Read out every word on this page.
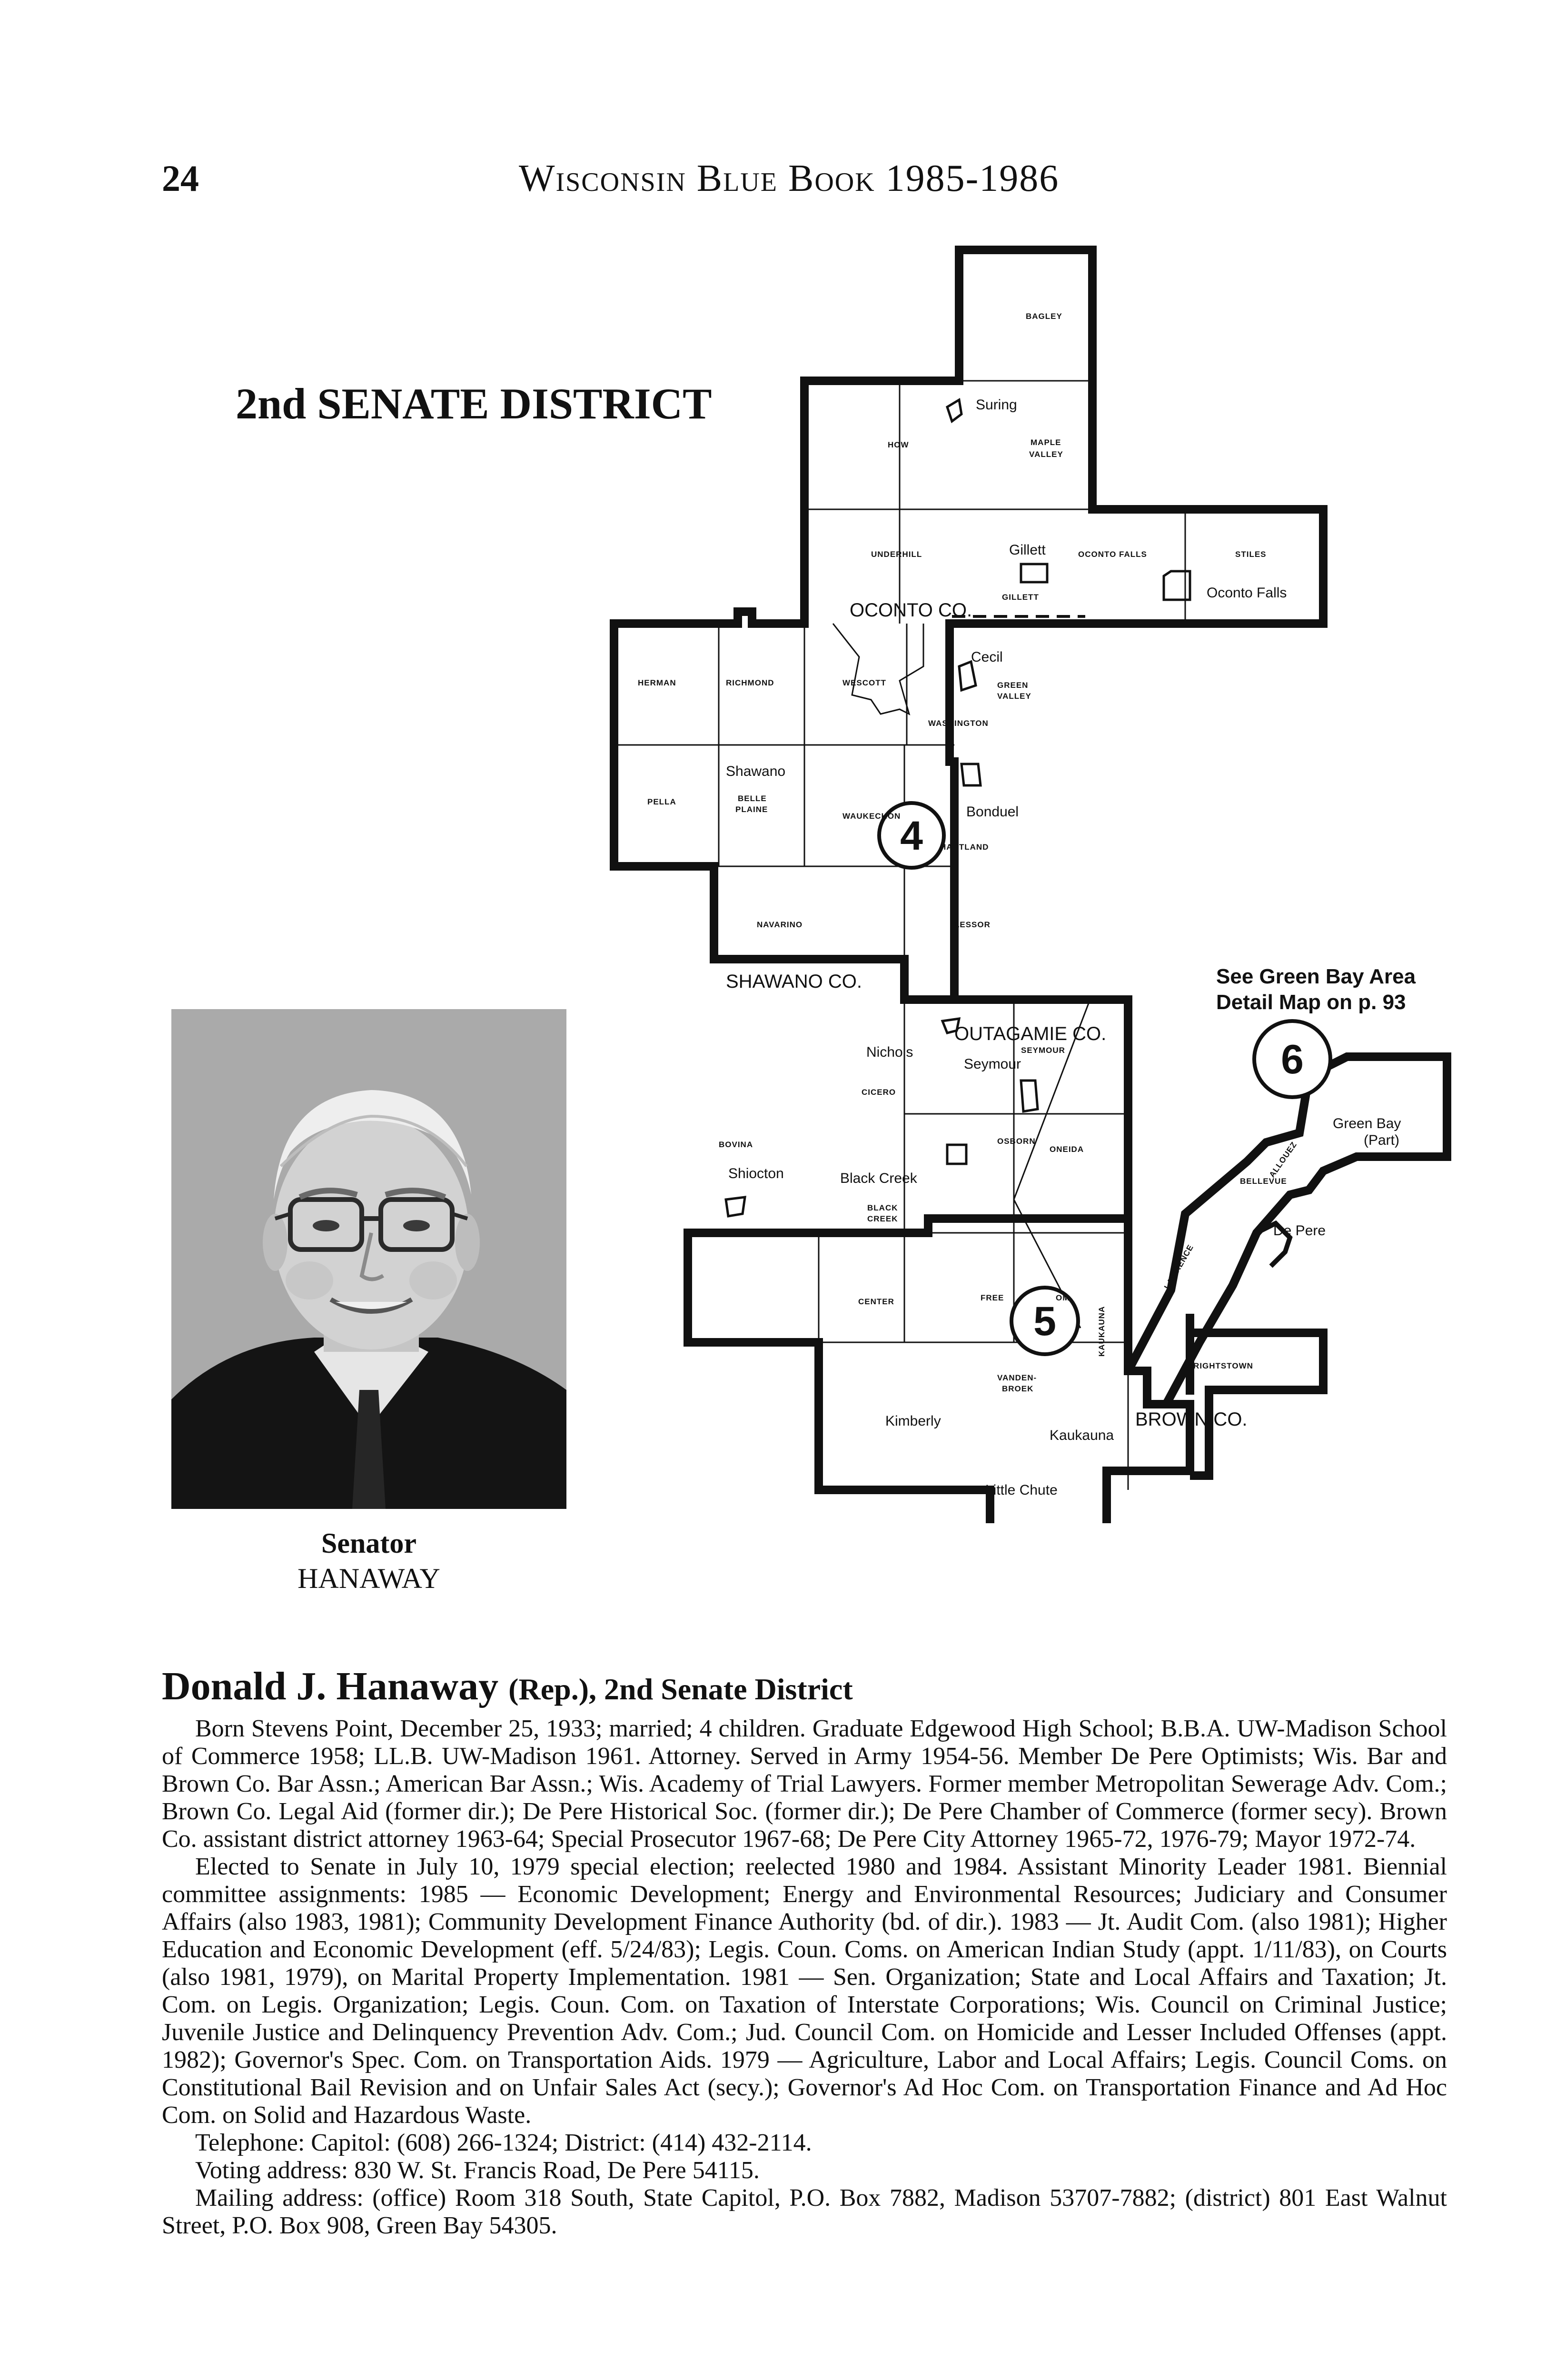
24	Wisconsin Blue Book 1985-1986
2nd SENATE DISTRICT
4
5
6
OCONTO CO.
SHAWANO CO.
OUTAGAMIE CO.
BROWN CO.
BAGLEY
HOW	MAPLE
VALLEY
UNDERHILL
GILLETT
OCONTO FALLS	STILES
HERMAN	RICHMOND	WESCOTT
WASHINGTON
GREEN
VALLEY
PELLA	BELLE
PLAINE
WAUKECHON
HARTLAND
NAVARINO	LESSOR
SEYMOUR
CICERO
BOVINA	OSBORN
ONEIDA
BLACK
CREEK
CENTER
VANDEN-
BROEK
WRIGHTSTOWN
FREE	OM
BELLEVUE
KAUKAUNA
LAWRENCE
ALLOUEZ
Suring
Gillett
Oconto Falls
Cecil
Shawano
Bonduel
Nichols
Seymour
Shiocton	Black Creek
Green Bay
(Part)
De Pere
Kimberly
Kaukauna
Little Chute
See Green Bay Area
Detail Map on p. 93
Senator
HANAWAY
Donald J. Hanaway (Rep.), 2nd Senate District

Born Stevens Point, December 25, 1933; married; 4 children. Graduate Edgewood High School; B.B.A. UW-Madison School of Commerce 1958; LL.B. UW-Madison 1961. Attorney. Served in Army 1954-56. Member De Pere Optimists; Wis. Bar and Brown Co. Bar Assn.; American Bar Assn.; Wis. Academy of Trial Lawyers. Former member Metropolitan Sewerage Adv. Com.; Brown Co. Legal Aid (former dir.); De Pere Historical Soc. (former dir.); De Pere Chamber of Commerce (former secy). Brown Co. assistant district attorney 1963-64; Special Prosecutor 1967-68; De Pere City Attorney 1965-72, 1976-79; Mayor 1972-74.

Elected to Senate in July 10, 1979 special election; reelected 1980 and 1984. Assistant Minority Leader 1981. Biennial committee assignments: 1985 — Economic Development; Energy and Environmental Resources; Judiciary and Consumer Affairs (also 1983, 1981); Community Development Finance Authority (bd. of dir.). 1983 — Jt. Audit Com. (also 1981); Higher Education and Economic Development (eff. 5/24/83); Legis. Coun. Coms. on American Indian Study (appt. 1/11/83), on Courts (also 1981, 1979), on Marital Property Implementation. 1981 — Sen. Organization; State and Local Affairs and Taxation; Jt. Com. on Legis. Organization; Legis. Coun. Com. on Taxation of Interstate Corporations; Wis. Council on Criminal Justice; Juvenile Justice and Delinquency Prevention Adv. Com.; Jud. Council Com. on Homicide and Lesser Included Offenses (appt. 1982); Governor's Spec. Com. on Transportation Aids. 1979 — Agriculture, Labor and Local Affairs; Legis. Council Coms. on Constitutional Bail Revision and on Unfair Sales Act (secy.); Governor's Ad Hoc Com. on Transportation Finance and Ad Hoc Com. on Solid and Hazardous Waste.

Telephone: Capitol: (608) 266-1324; District: (414) 432-2114.

Voting address: 830 W. St. Francis Road, De Pere 54115.

Mailing address: (office) Room 318 South, State Capitol, P.O. Box 7882, Madison 53707-7882; (district) 801 East Walnut Street, P.O. Box 908, Green Bay 54305.
